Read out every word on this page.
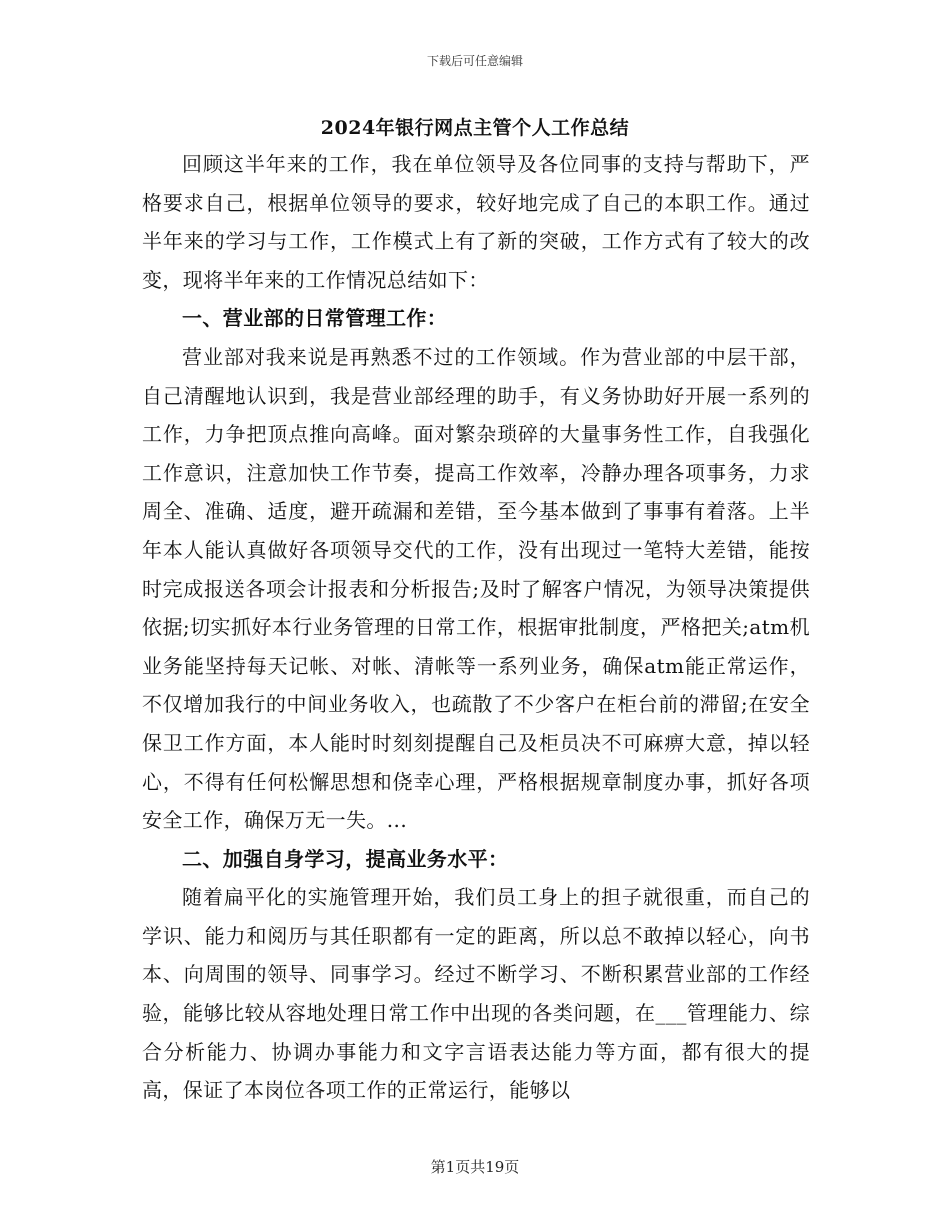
下载后可任意编辑
2024年银行网点主管个人工作总结

回顾这半年来的工作，我在单位领导及各位同事的支持与帮助下，严格要求自己，根据单位领导的要求，较好地完成了自己的本职工作。通过半年来的学习与工作，工作模式上有了新的突破，工作方式有了较大的改变，现将半年来的工作情况总结如下：

一、营业部的日常管理工作：

营业部对我来说是再熟悉不过的工作领域。作为营业部的中层干部，自己清醒地认识到，我是营业部经理的助手，有义务协助好开展一系列的工作，力争把顶点推向高峰。面对繁杂琐碎的大量事务性工作，自我强化工作意识，注意加快工作节奏，提高工作效率，冷静办理各项事务，力求周全、准确、适度，避开疏漏和差错，至今基本做到了事事有着落。上半年本人能认真做好各项领导交代的工作，没有出现过一笔特大差错，能按时完成报送各项会计报表和分析报告;及时了解客户情况，为领导决策提供依据;切实抓好本行业务管理的日常工作，根据审批制度，严格把关;atm机业务能坚持每天记帐、对帐、清帐等一系列业务，确保atm能正常运作，不仅增加我行的中间业务收入，也疏散了不少客户在柜台前的滞留;在安全保卫工作方面，本人能时时刻刻提醒自己及柜员决不可麻痹大意，掉以轻心，不得有任何松懈思想和侥幸心理，严格根据规章制度办事，抓好各项安全工作，确保万无一失。...

二、加强自身学习，提高业务水平：

随着扁平化的实施管理开始，我们员工身上的担子就很重，而自己的学识、能力和阅历与其任职都有一定的距离，所以总不敢掉以轻心，向书本、向周围的领导、同事学习。经过不断学习、不断积累营业部的工作经验，能够比较从容地处理日常工作中出现的各类问题，在___管理能力、综合分析能力、协调办事能力和文字言语表达能力等方面，都有很大的提高，保证了本岗位各项工作的正常运行，能够以

第1页共19页
